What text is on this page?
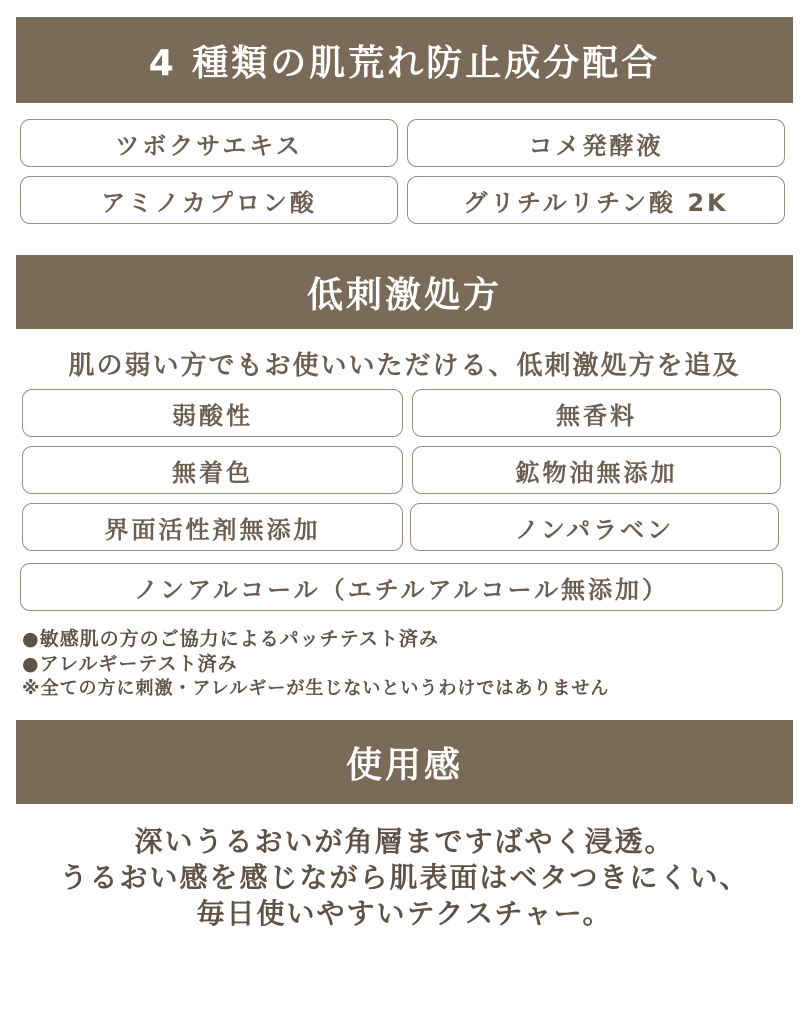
4 種類の肌荒れ防止成分配合
ツボクサエキス	コメ発酵液
アミノカプロン酸	グリチルリチン酸 2K
低刺激処方
肌の弱い方でもお使いいただける、低刺激処方を追及
弱酸性	無香料
無着色	鉱物油無添加
界面活性剤無添加	ノンパラベン
ノンアルコール（エチルアルコール無添加）
●敏感肌の方のご協力によるパッチテスト済み
●アレルギーテスト済み
※全ての方に刺激・アレルギーが生じないというわけではありません
使用感
深いうるおいが角層まですばやく浸透。
うるおい感を感じながら肌表面はベタつきにくい、
毎日使いやすいテクスチャー。
